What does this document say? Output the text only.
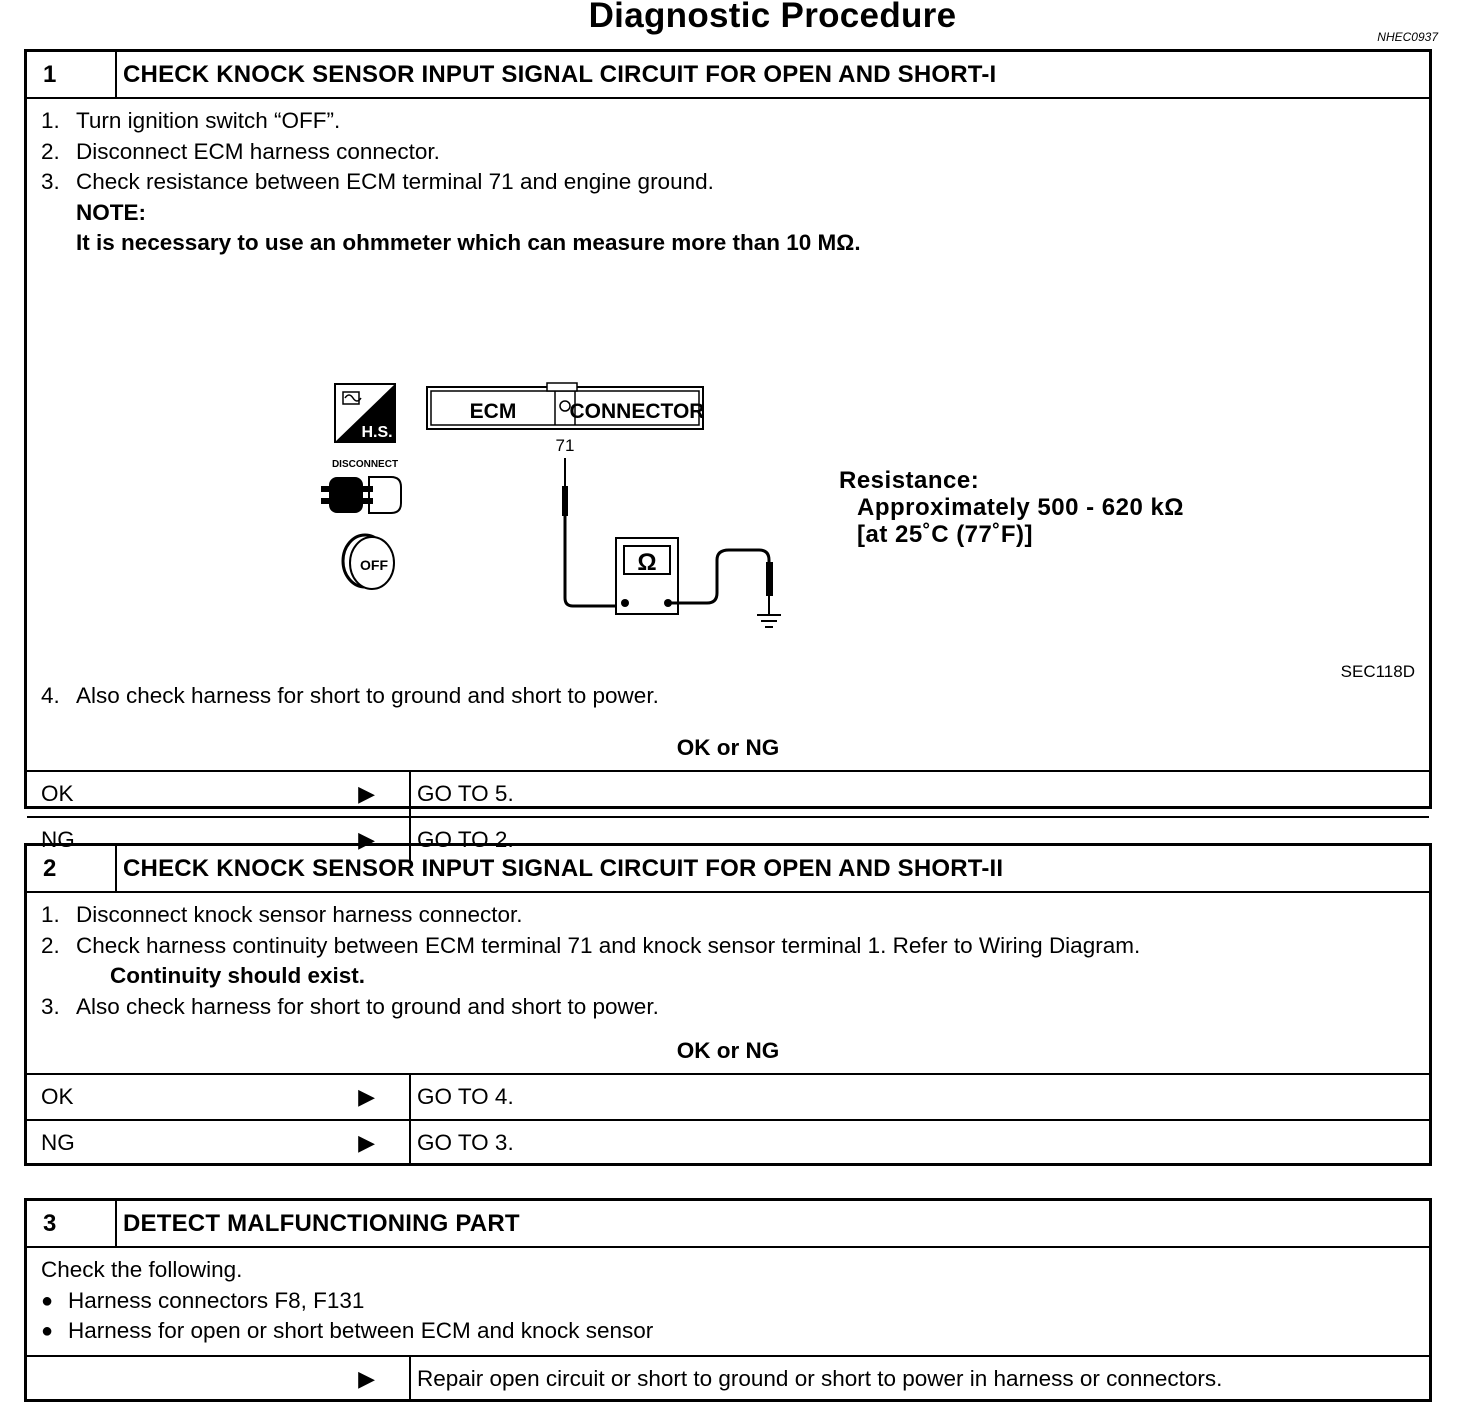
Diagnostic Procedure
NHEC0937
1	CHECK KNOCK SENSOR INPUT SIGNAL CIRCUIT FOR OPEN AND SHORT-I
1. Turn ignition switch “OFF”.
2. Disconnect ECM harness connector.
3. Check resistance between ECM terminal 71 and engine ground.
NOTE:
It is necessary to use an ohmmeter which can measure more than 10 MΩ.
H.S.
DISCONNECT
OFF
ECM	CONNECTOR
71
Ω
Resistance:
Approximately 500 - 620 kΩ
[at 25˚C (77˚F)]
SEC118D
4. Also check harness for short to ground and short to power.
OK or NG
OK	▶ GO TO 5.
NG	▶ GO TO 2.
2	CHECK KNOCK SENSOR INPUT SIGNAL CIRCUIT FOR OPEN AND SHORT-II
1. Disconnect knock sensor harness connector.
2. Check harness continuity between ECM terminal 71 and knock sensor terminal 1. Refer to Wiring Diagram.
Continuity should exist.
3. Also check harness for short to ground and short to power.
OK or NG
OK	▶ GO TO 4.
NG	▶ GO TO 3.
3	DETECT MALFUNCTIONING PART
Check the following.
● Harness connectors F8, F131
● Harness for open or short between ECM and knock sensor
▶ Repair open circuit or short to ground or short to power in harness or connectors.
